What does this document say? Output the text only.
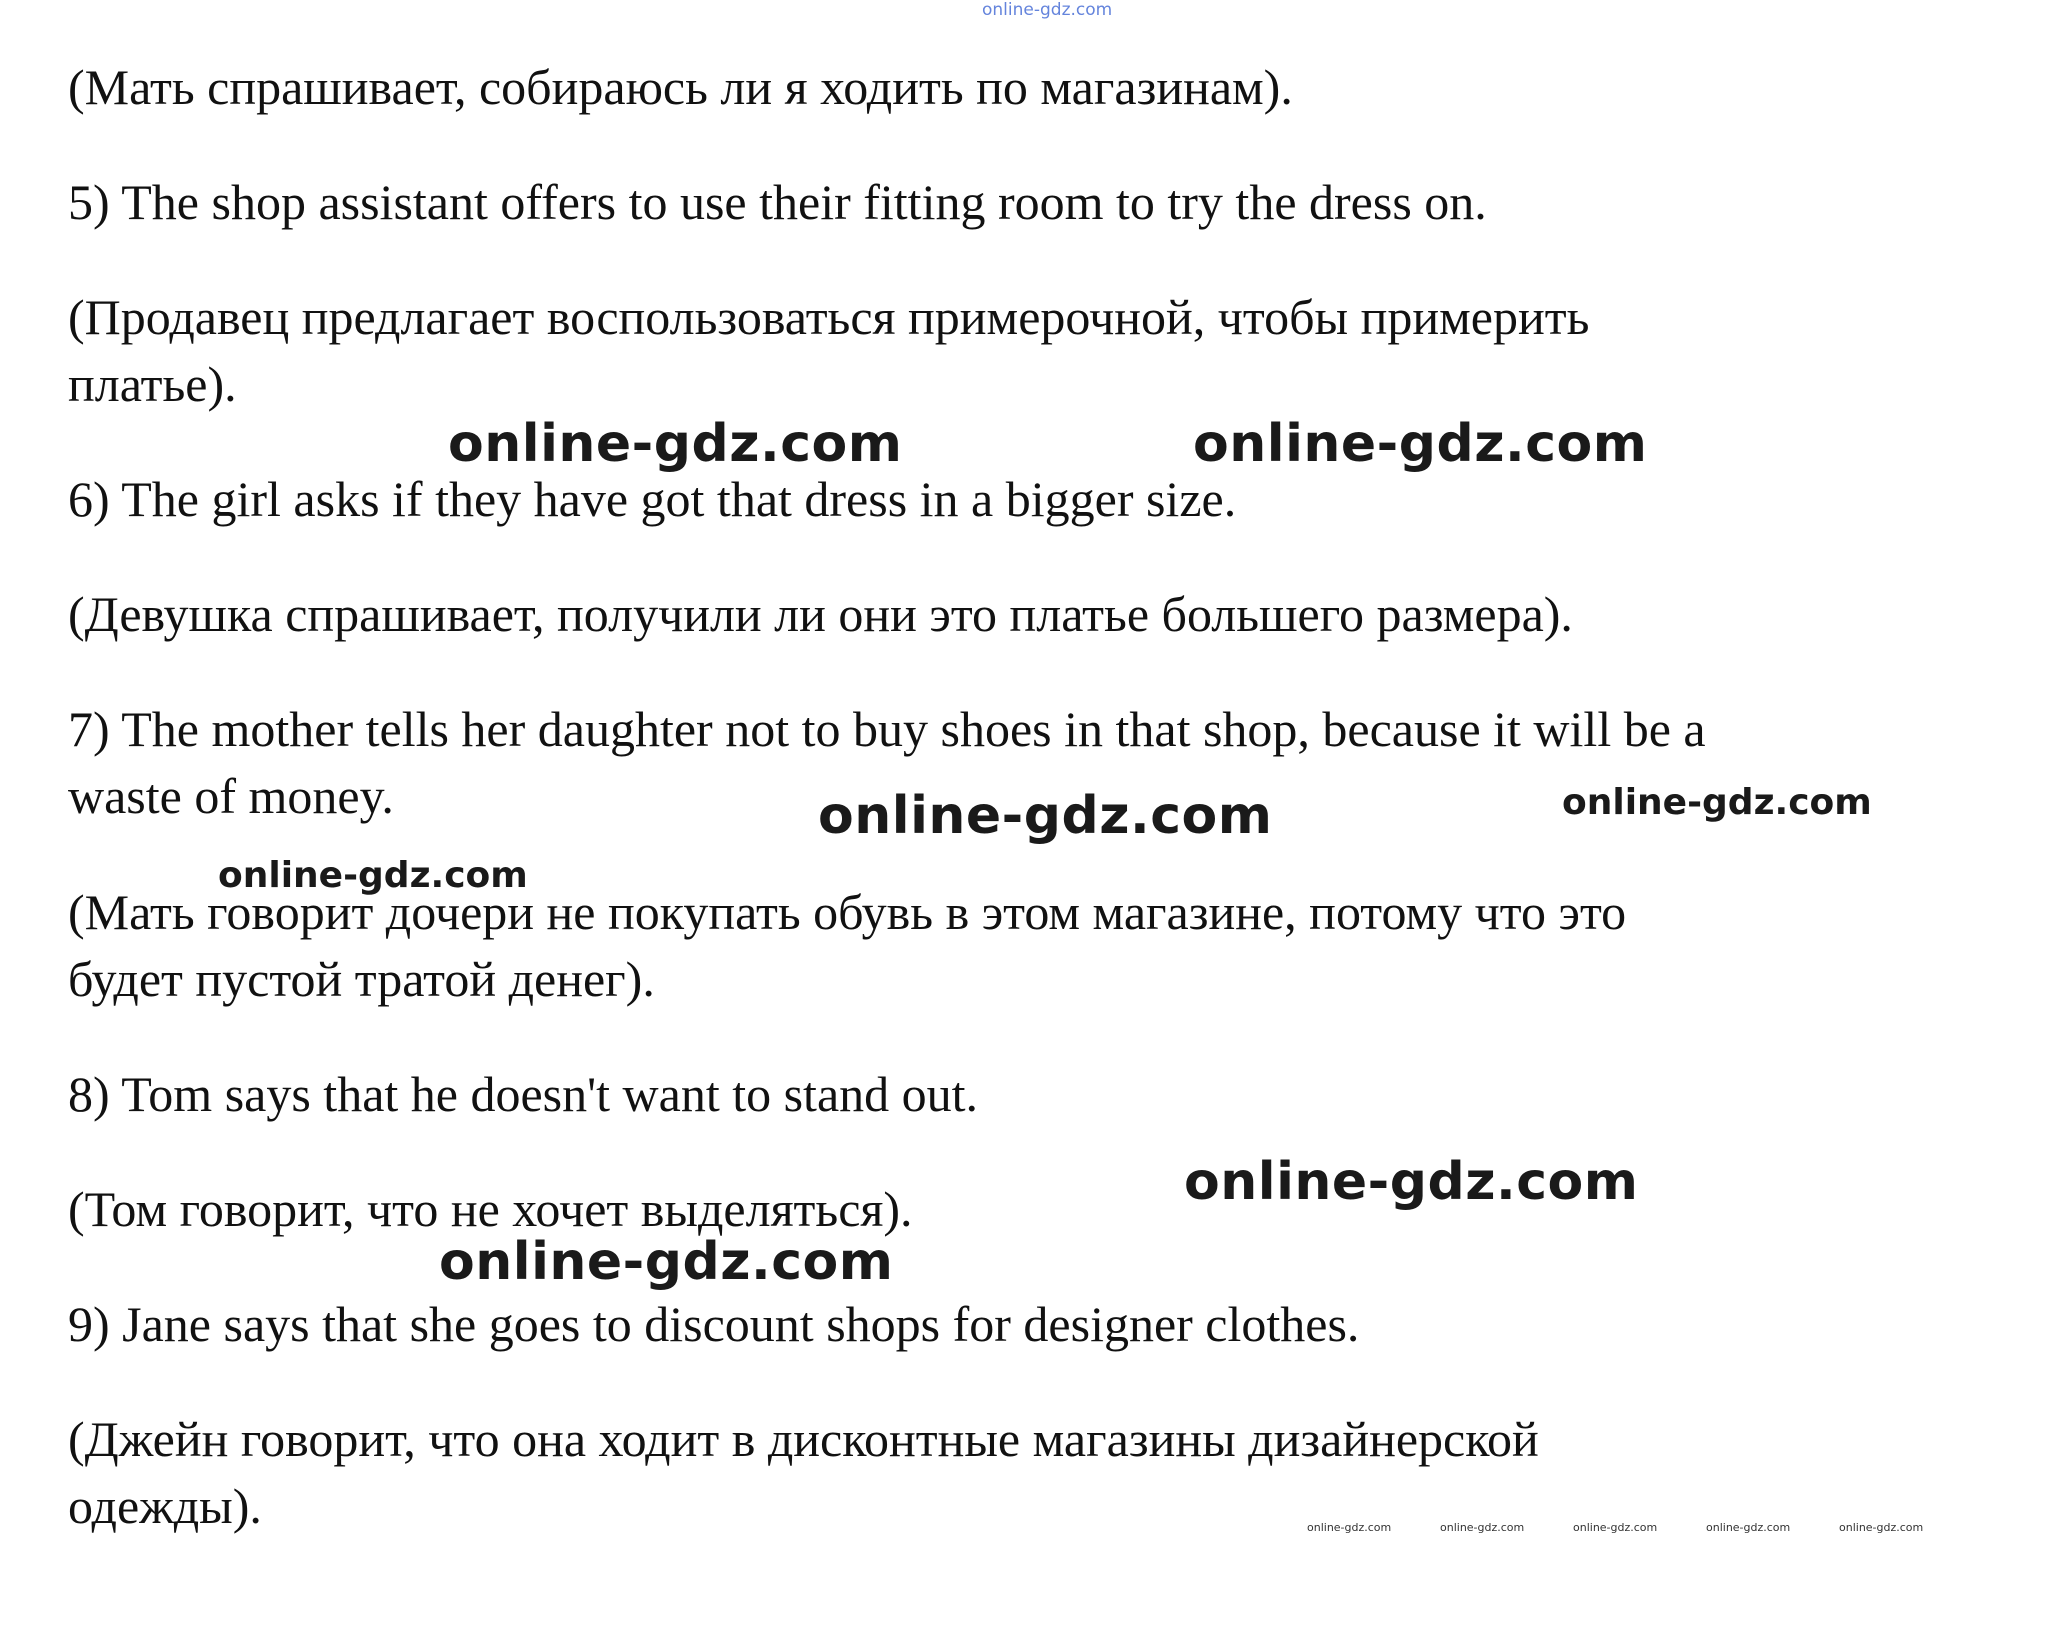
online-gdz.com

(Мать спрашивает, собираюсь ли я ходить по магазинам).

5) The shop assistant offers to use their fitting room to try the dress on.

(Продавец предлагает воспользоваться примерочной, чтобы примерить

платье).

online-gdz.com	online-gdz.com

6) The girl asks if they have got that dress in a bigger size.

(Девушка спрашивает, получили ли они это платье большего размера).

7) The mother tells her daughter not to buy shoes in that shop, because it will be a

waste of money.	online-gdz.com	online-gdz.com
online-gdz.com

(Мать говорит дочери не покупать обувь в этом магазине, потому что это

будет пустой тратой денег).

8) Tom says that he doesn't want to stand out.

online-gdz.com

(Том говорит, что не хочет выделяться).

online-gdz.com

9) Jane says that she goes to discount shops for designer clothes.

(Джейн говорит, что она ходит в дисконтные магазины дизайнерской

одежды).	online-gdz.com	online-gdz.com	online-gdz.com	online-gdz.com	online-gdz.com
